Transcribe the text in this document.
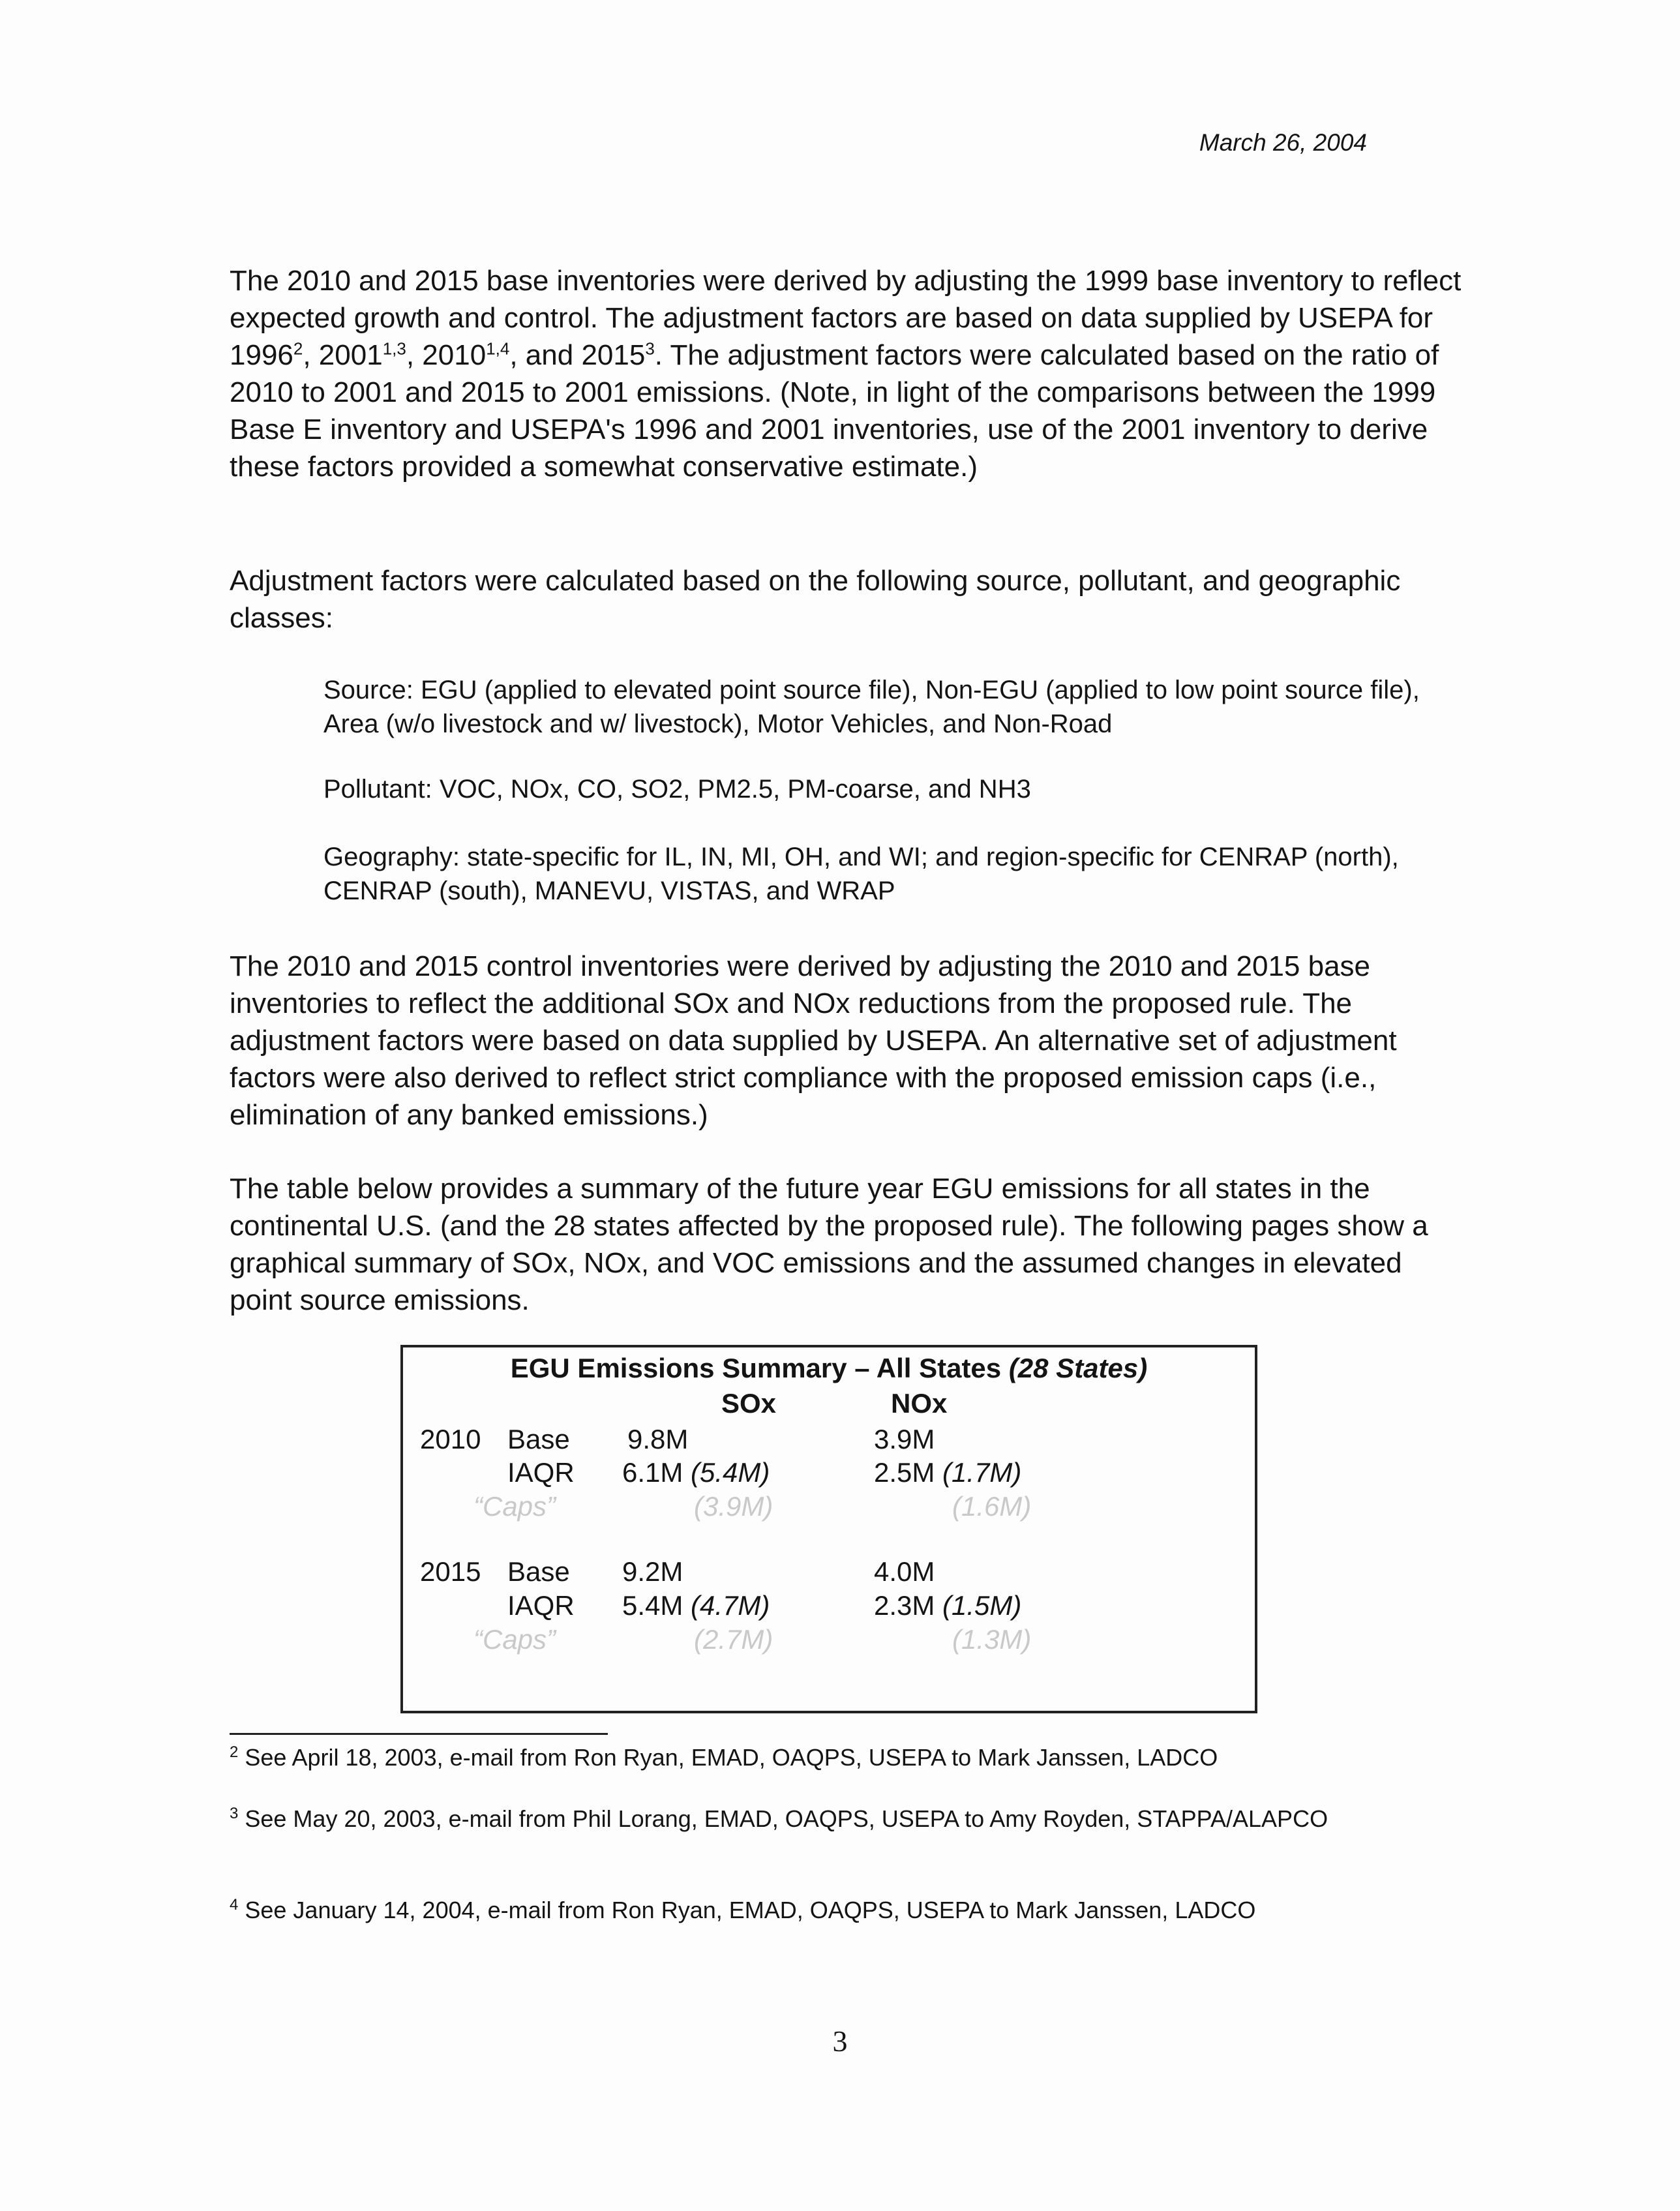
March 26, 2004

The 2010 and 2015 base inventories were derived by adjusting the 1999 base inventory to reflect expected growth and control. The adjustment factors are based on data supplied by USEPA for 1996$^2$, 2001$^{1,3}$, 2010$^{1,4}$, and 2015$^3$. The adjustment factors were calculated based on the ratio of 2010 to 2001 and 2015 to 2001 emissions. (Note, in light of the comparisons between the 1999 Base E inventory and USEPA's 1996 and 2001 inventories, use of the 2001 inventory to derive these factors provided a somewhat conservative estimate.)

Adjustment factors were calculated based on the following source, pollutant, and geographic classes:

Source: EGU (applied to elevated point source file), Non-EGU (applied to low point source file), Area (w/o livestock and w/ livestock), Motor Vehicles, and Non-Road
Pollutant: VOC, NOx, CO, SO2, PM2.5, PM-coarse, and NH3
Geography: state-specific for IL, IN, MI, OH, and WI; and region-specific for CENRAP (north), CENRAP (south), MANEVU, VISTAS, and WRAP

The 2010 and 2015 control inventories were derived by adjusting the 2010 and 2015 base inventories to reflect the additional SOx and NOx reductions from the proposed rule. The adjustment factors were based on data supplied by USEPA. An alternative set of adjustment factors were also derived to reflect strict compliance with the proposed emission caps (i.e., elimination of any banked emissions.)

The table below provides a summary of the future year EGU emissions for all states in the continental U.S. (and the 28 states affected by the proposed rule). The following pages show a graphical summary of SOx, NOx, and VOC emissions and the assumed changes in elevated point source emissions.

EGU Emissions Summary – All States (28 States)
SOx	NOx
2010 Base 9.8M	3.9M
IAQR 6.1M (5.4M)	2.5M (1.7M)
“Caps”	(3.9M)	(1.6M)
2015 Base 9.2M	4.0M
IAQR 5.4M (4.7M)	2.3M (1.5M)
“Caps”	(2.7M)	(1.3M)
$^2$ See April 18, 2003, e-mail from Ron Ryan, EMAD, OAQPS, USEPA to Mark Janssen, LADCO
$^3$ See May 20, 2003, e-mail from Phil Lorang, EMAD, OAQPS, USEPA to Amy Royden, STAPPA/ALAPCO
$^4$ See January 14, 2004, e-mail from Ron Ryan, EMAD, OAQPS, USEPA to Mark Janssen, LADCO
3
